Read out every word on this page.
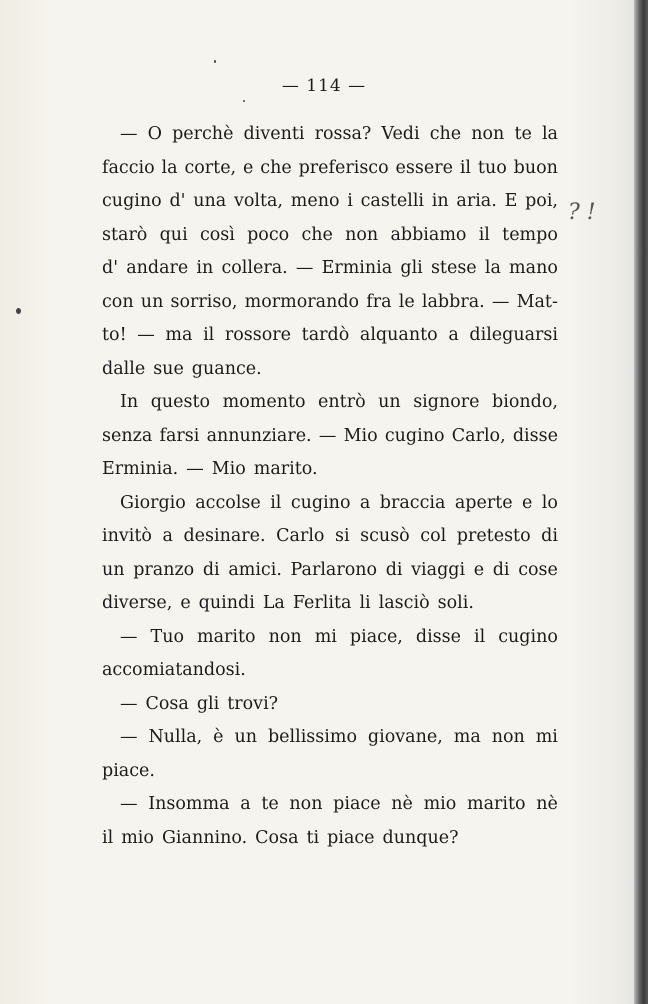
— 114 —
? !
— O perchè diventi rossa? Vedi che non te la
faccio la corte, e che preferisco essere il tuo buon
cugino d' una volta, meno i castelli in aria. E poi,
starò qui così poco che non abbiamo il tempo
d' andare in collera. — Erminia gli stese la mano
con un sorriso, mormorando fra le labbra. — Mat-
to! — ma il rossore tardò alquanto a dileguarsi
dalle sue guance.
In questo momento entrò un signore biondo,
senza farsi annunziare. — Mio cugino Carlo, disse
Erminia. — Mio marito.
Giorgio accolse il cugino a braccia aperte e lo
invitò a desinare. Carlo si scusò col pretesto di
un pranzo di amici. Parlarono di viaggi e di cose
diverse, e quindi La Ferlita li lasciò soli.
— Tuo marito non mi piace, disse il cugino
accomiatandosi.
— Cosa gli trovi?
— Nulla, è un bellissimo giovane, ma non mi
piace.
— Insomma a te non piace nè mio marito nè
il mio Giannino. Cosa ti piace dunque?
